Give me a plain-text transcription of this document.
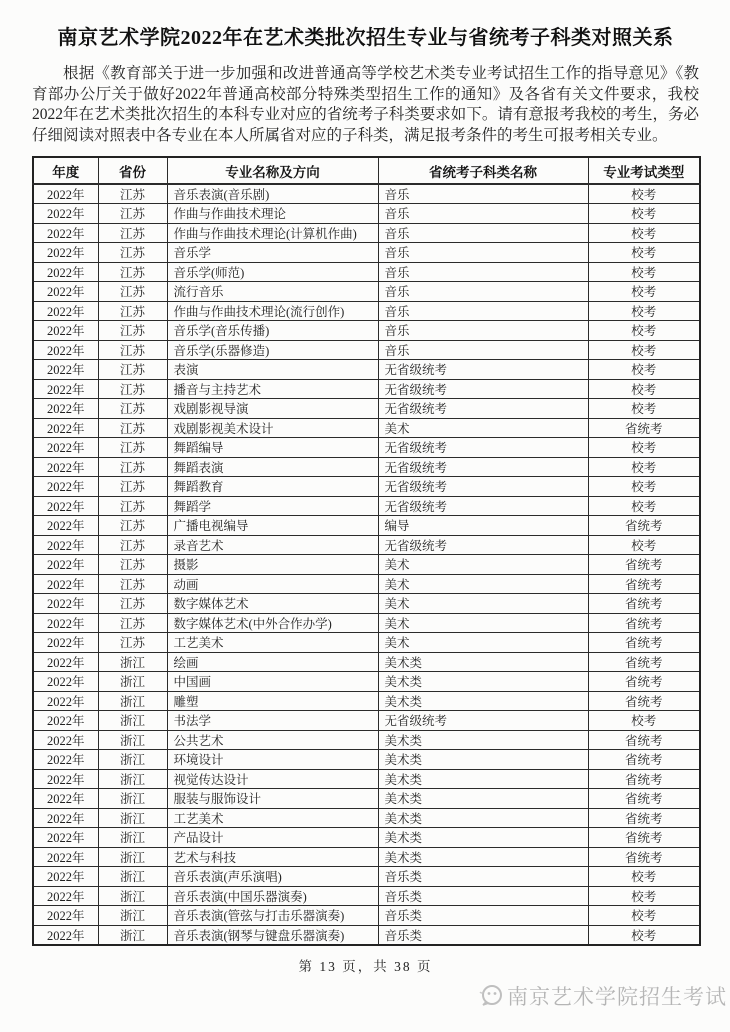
南京艺术学院2022年在艺术类批次招生专业与省统考子科类对照关系

根据《教育部关于进一步加强和改进普通高等学校艺术类专业考试招生工作的指导意见》《教育部办公厅关于做好2022年普通高校部分特殊类型招生工作的通知》及各省有关文件要求，我校2022年在艺术类批次招生的本科专业对应的省统考子科类要求如下。请有意报考我校的考生，务必仔细阅读对照表中各专业在本人所属省对应的子科类，满足报考条件的考生可报考相关专业。

年度	省份	专业名称及方向	省统考子科类名称	专业考试类型
2022年	江苏	音乐表演(音乐剧)	音乐	校考
2022年	江苏	作曲与作曲技术理论	音乐	校考
2022年	江苏	作曲与作曲技术理论(计算机作曲)	音乐	校考
2022年	江苏	音乐学	音乐	校考
2022年	江苏	音乐学(师范)	音乐	校考
2022年	江苏	流行音乐	音乐	校考
2022年	江苏	作曲与作曲技术理论(流行创作)	音乐	校考
2022年	江苏	音乐学(音乐传播)	音乐	校考
2022年	江苏	音乐学(乐器修造)	音乐	校考
2022年	江苏	表演	无省级统考	校考
2022年	江苏	播音与主持艺术	无省级统考	校考
2022年	江苏	戏剧影视导演	无省级统考	校考
2022年	江苏	戏剧影视美术设计	美术	省统考
2022年	江苏	舞蹈编导	无省级统考	校考
2022年	江苏	舞蹈表演	无省级统考	校考
2022年	江苏	舞蹈教育	无省级统考	校考
2022年	江苏	舞蹈学	无省级统考	校考
2022年	江苏	广播电视编导	编导	省统考
2022年	江苏	录音艺术	无省级统考	校考
2022年	江苏	摄影	美术	省统考
2022年	江苏	动画	美术	省统考
2022年	江苏	数字媒体艺术	美术	省统考
2022年	江苏	数字媒体艺术(中外合作办学)	美术	省统考
2022年	江苏	工艺美术	美术	省统考
2022年	浙江	绘画	美术类	省统考
2022年	浙江	中国画	美术类	省统考
2022年	浙江	雕塑	美术类	省统考
2022年	浙江	书法学	无省级统考	校考
2022年	浙江	公共艺术	美术类	省统考
2022年	浙江	环境设计	美术类	省统考
2022年	浙江	视觉传达设计	美术类	省统考
2022年	浙江	服装与服饰设计	美术类	省统考
2022年	浙江	工艺美术	美术类	省统考
2022年	浙江	产品设计	美术类	省统考
2022年	浙江	艺术与科技	美术类	省统考
2022年	浙江	音乐表演(声乐演唱)	音乐类	校考
2022年	浙江	音乐表演(中国乐器演奏)	音乐类	校考
2022年	浙江	音乐表演(管弦与打击乐器演奏)	音乐类	校考
2022年	浙江	音乐表演(钢琴与键盘乐器演奏)	音乐类	校考
第 13 页，共 38 页
南京艺术学院招生考试
